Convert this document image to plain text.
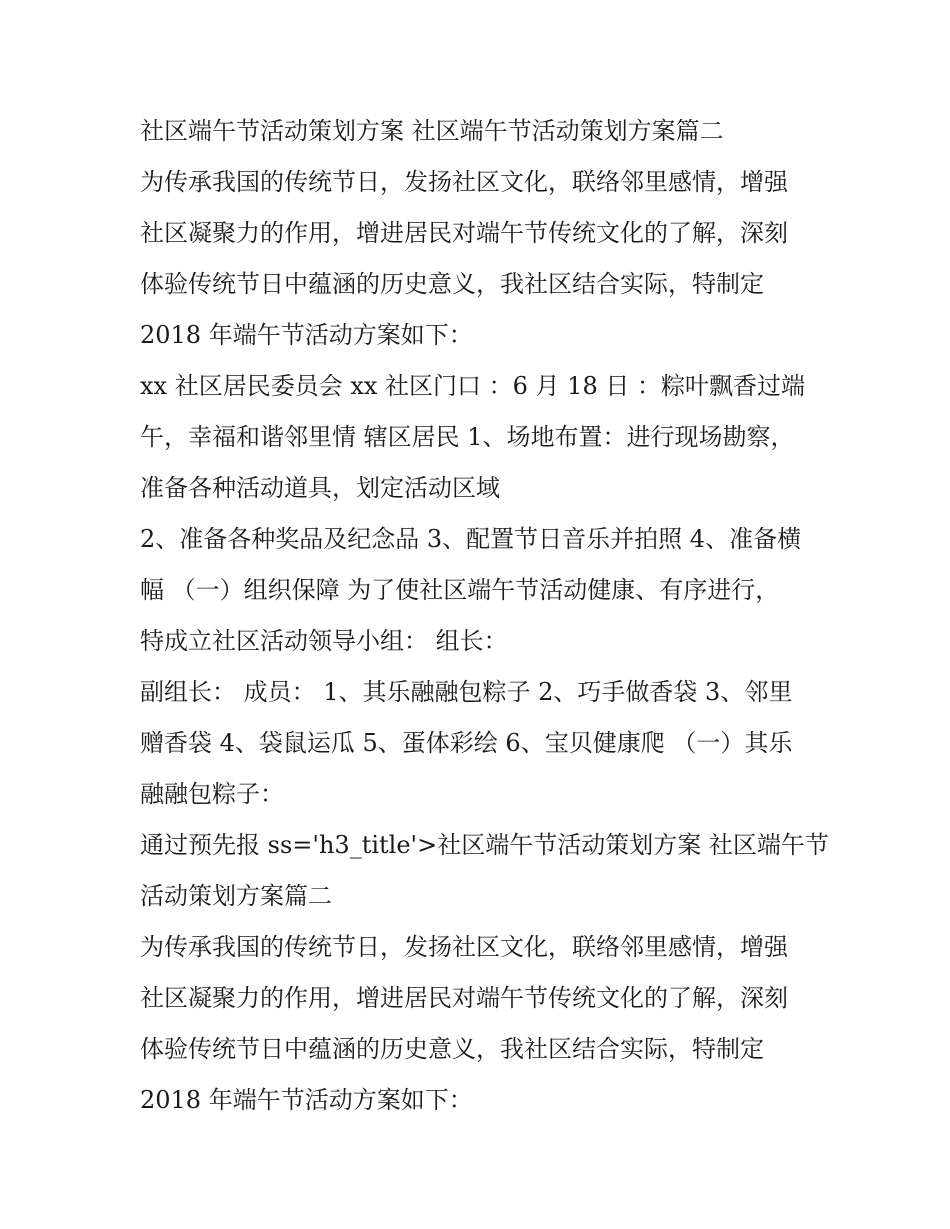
社区端午节活动策划方案 社区端午节活动策划方案篇二
为传承我国的传统节日，发扬社区文化，联络邻里感情，增强
社区凝聚力的作用，增进居民对端午节传统文化的了解，深刻
体验传统节日中蕴涵的历史意义，我社区结合实际，特制定
2018 年端午节活动方案如下：
xx 社区居民委员会 xx 社区门口 ：6 月 18 日 ：粽叶飘香过端
午，幸福和谐邻里情 辖区居民 1、场地布置：进行现场勘察，
准备各种活动道具，划定活动区域
2、准备各种奖品及纪念品 3、配置节日音乐并拍照 4、准备横
幅 （一）组织保障 为了使社区端午节活动健康、有序进行，
特成立社区活动领导小组： 组长：
副组长： 成员： 1、其乐融融包粽子 2、巧手做香袋 3、邻里
赠香袋 4、袋鼠运瓜 5、蛋体彩绘 6、宝贝健康爬 （一）其乐
融融包粽子：
通过预先报 ss='h3_title'>社区端午节活动策划方案 社区端午节
活动策划方案篇二
为传承我国的传统节日，发扬社区文化，联络邻里感情，增强
社区凝聚力的作用，增进居民对端午节传统文化的了解，深刻
体验传统节日中蕴涵的历史意义，我社区结合实际，特制定
2018 年端午节活动方案如下：
